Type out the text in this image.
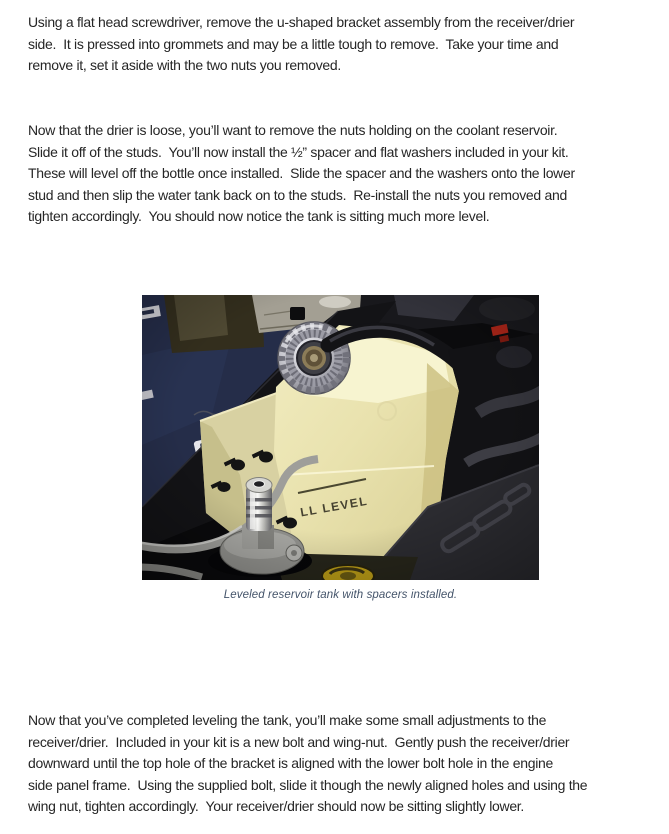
Using a flat head screwdriver, remove the u-shaped bracket assembly from the receiver/drier
side.  It is pressed into grommets and may be a little tough to remove.  Take your time and
remove it, set it aside with the two nuts you removed.
Now that the drier is loose, you’ll want to remove the nuts holding on the coolant reservoir.
Slide it off of the studs.  You’ll now install the ½” spacer and flat washers included in your kit.
These will level off the bottle once installed.  Slide the spacer and the washers onto the lower
stud and then slip the water tank back on to the studs.  Re-install the nuts you removed and
tighten accordingly.  You should now notice the tank is sitting much more level.
Leveled reservoir tank with spacers installed.
Now that you’ve completed leveling the tank, you’ll make some small adjustments to the
receiver/drier.  Included in your kit is a new bolt and wing-nut.  Gently push the receiver/drier
downward until the top hole of the bracket is aligned with the lower bolt hole in the engine
side panel frame.  Using the supplied bolt, slide it though the newly aligned holes and using the
wing nut, tighten accordingly.  Your receiver/drier should now be sitting slightly lower.
